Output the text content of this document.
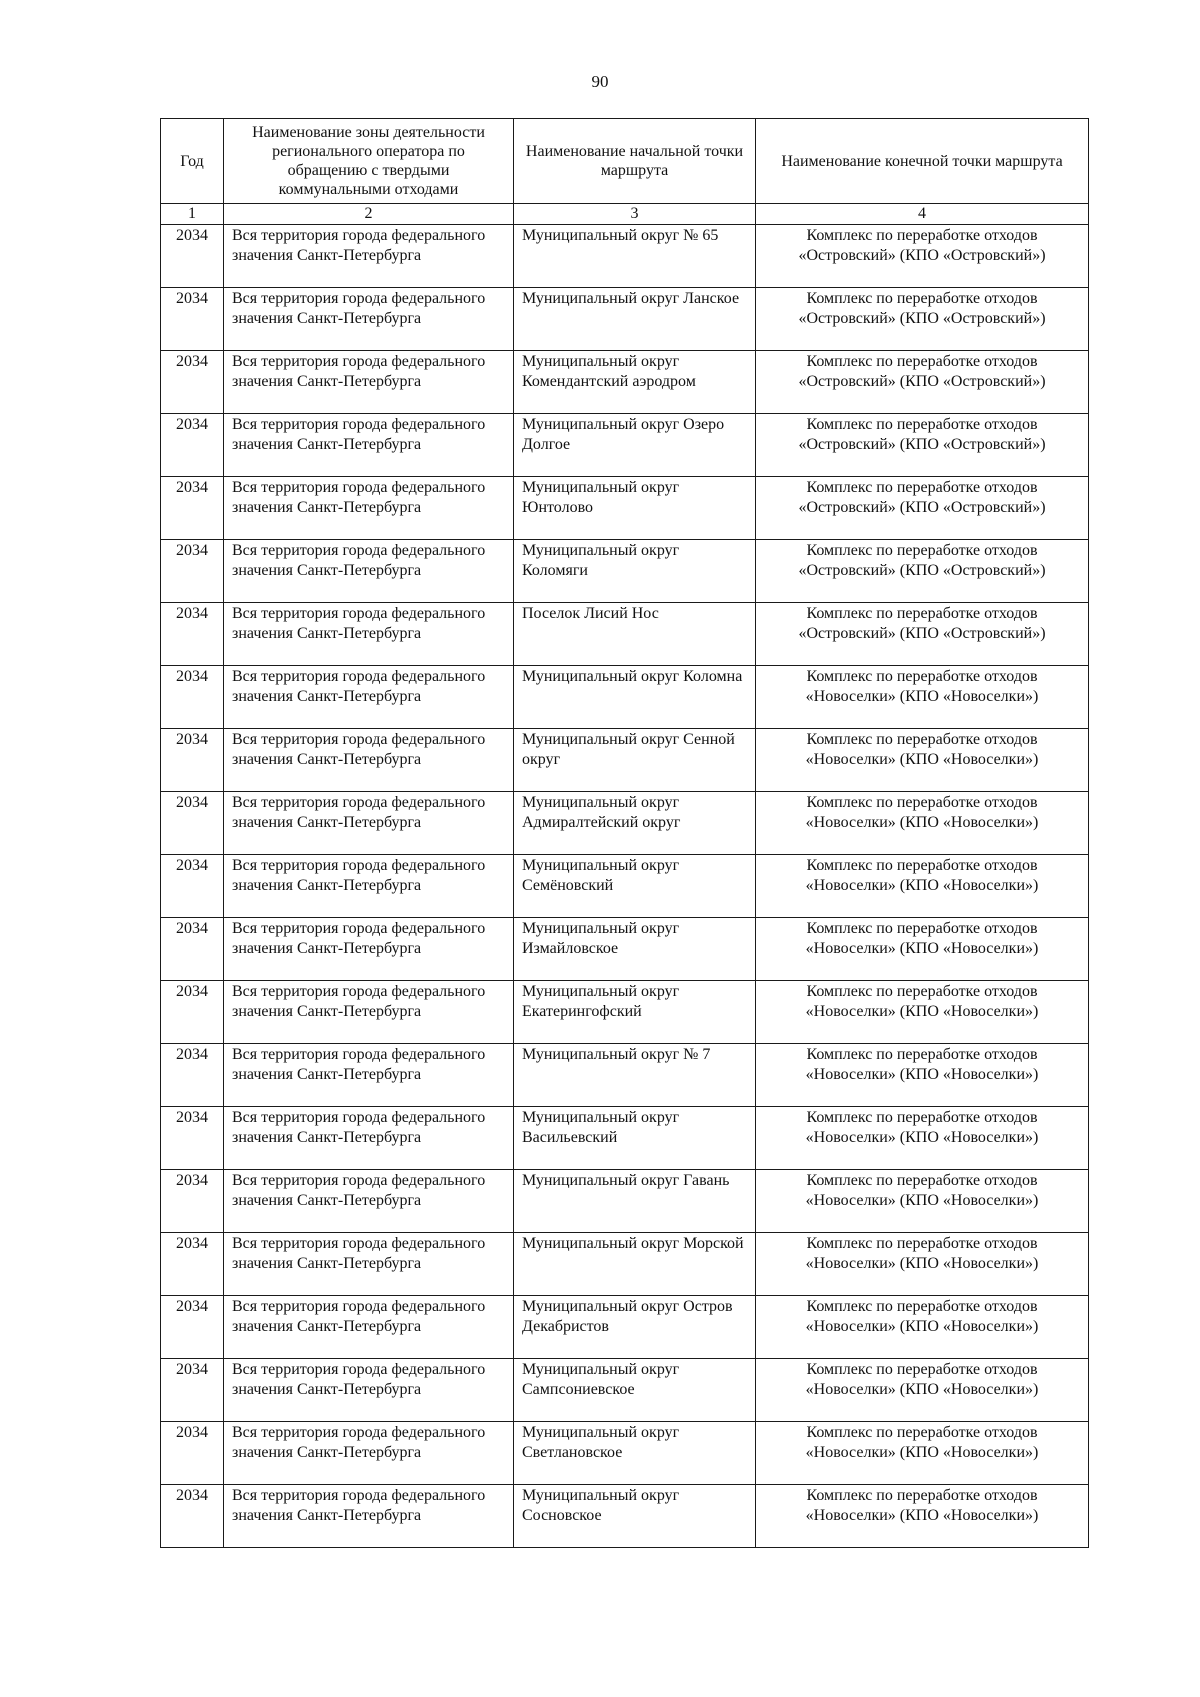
90
Год	Наименование зоны деятельности регионального оператора по обращению с твердыми коммунальными отходами	Наименование начальной точки маршрута	Наименование конечной точки маршрута
1	2	3	4
2034	Вся территория города федерального значения Санкт-Петербурга	Муниципальный округ № 65	Комплекс по переработке отходов «Островский» (КПО «Островский»)
2034	Вся территория города федерального значения Санкт-Петербурга	Муниципальный округ Ланское	Комплекс по переработке отходов «Островский» (КПО «Островский»)
2034	Вся территория города федерального значения Санкт-Петербурга	Муниципальный округ Комендантский аэродром	Комплекс по переработке отходов «Островский» (КПО «Островский»)
2034	Вся территория города федерального значения Санкт-Петербурга	Муниципальный округ Озеро Долгое	Комплекс по переработке отходов «Островский» (КПО «Островский»)
2034	Вся территория города федерального значения Санкт-Петербурга	Муниципальный округ Юнтолово	Комплекс по переработке отходов «Островский» (КПО «Островский»)
2034	Вся территория города федерального значения Санкт-Петербурга	Муниципальный округ Коломяги	Комплекс по переработке отходов «Островский» (КПО «Островский»)
2034	Вся территория города федерального значения Санкт-Петербурга	Поселок Лисий Нос	Комплекс по переработке отходов «Островский» (КПО «Островский»)
2034	Вся территория города федерального значения Санкт-Петербурга	Муниципальный округ Коломна	Комплекс по переработке отходов «Новоселки» (КПО «Новоселки»)
2034	Вся территория города федерального значения Санкт-Петербурга	Муниципальный округ Сенной округ	Комплекс по переработке отходов «Новоселки» (КПО «Новоселки»)
2034	Вся территория города федерального значения Санкт-Петербурга	Муниципальный округ Адмиралтейский округ	Комплекс по переработке отходов «Новоселки» (КПО «Новоселки»)
2034	Вся территория города федерального значения Санкт-Петербурга	Муниципальный округ Семёновский	Комплекс по переработке отходов «Новоселки» (КПО «Новоселки»)
2034	Вся территория города федерального значения Санкт-Петербурга	Муниципальный округ Измайловское	Комплекс по переработке отходов «Новоселки» (КПО «Новоселки»)
2034	Вся территория города федерального значения Санкт-Петербурга	Муниципальный округ Екатерингофский	Комплекс по переработке отходов «Новоселки» (КПО «Новоселки»)
2034	Вся территория города федерального значения Санкт-Петербурга	Муниципальный округ № 7	Комплекс по переработке отходов «Новоселки» (КПО «Новоселки»)
2034	Вся территория города федерального значения Санкт-Петербурга	Муниципальный округ Васильевский	Комплекс по переработке отходов «Новоселки» (КПО «Новоселки»)
2034	Вся территория города федерального значения Санкт-Петербурга	Муниципальный округ Гавань	Комплекс по переработке отходов «Новоселки» (КПО «Новоселки»)
2034	Вся территория города федерального значения Санкт-Петербурга	Муниципальный округ Морской	Комплекс по переработке отходов «Новоселки» (КПО «Новоселки»)
2034	Вся территория города федерального значения Санкт-Петербурга	Муниципальный округ Остров Декабристов	Комплекс по переработке отходов «Новоселки» (КПО «Новоселки»)
2034	Вся территория города федерального значения Санкт-Петербурга	Муниципальный округ Сампсониевское	Комплекс по переработке отходов «Новоселки» (КПО «Новоселки»)
2034	Вся территория города федерального значения Санкт-Петербурга	Муниципальный округ Светлановское	Комплекс по переработке отходов «Новоселки» (КПО «Новоселки»)
2034	Вся территория города федерального значения Санкт-Петербурга	Муниципальный округ Сосновское	Комплекс по переработке отходов «Новоселки» (КПО «Новоселки»)
